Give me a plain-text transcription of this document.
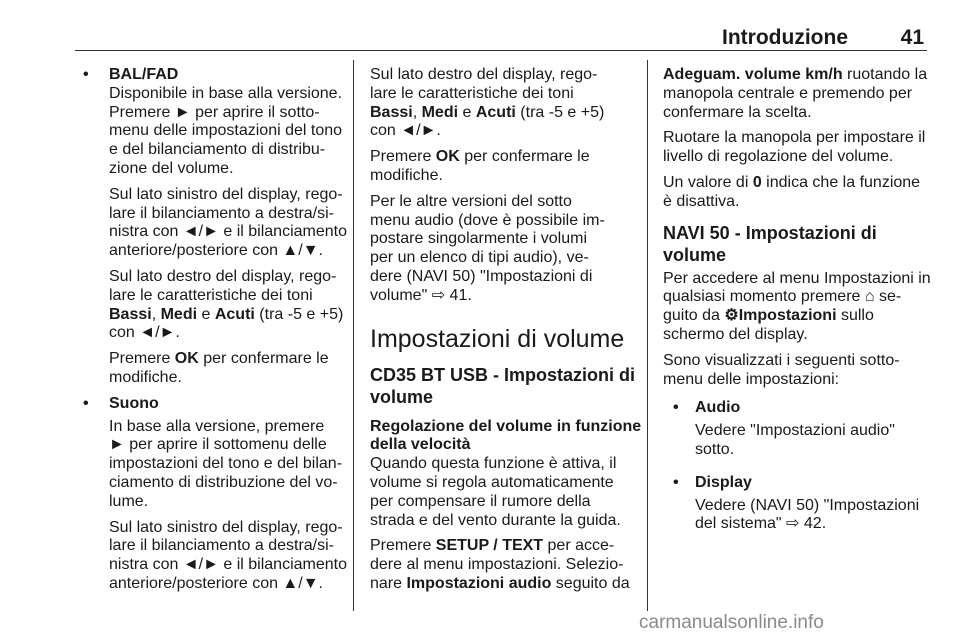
Introduzione	41
• BAL/FAD

Disponibile in base alla versione.
Premere ► per aprire il sotto-
menu delle impostazioni del tono
e del bilanciamento di distribu-
zione del volume.

Sul lato sinistro del display, rego-
lare il bilanciamento a destra/si-
nistra con ◄/► e il bilanciamento
anteriore/posteriore con ▲/▼.

Sul lato destro del display, rego-
lare le caratteristiche dei toni
Bassi, Medi e Acuti (tra -5 e +5)
con ◄/►.

Premere OK per confermare le
modifiche.

• Suono

In base alla versione, premere
► per aprire il sottomenu delle
impostazioni del tono e del bilan-
ciamento di distribuzione del vo-
lume.

Sul lato sinistro del display, rego-
lare il bilanciamento a destra/si-
nistra con ◄/► e il bilanciamento
anteriore/posteriore con ▲/▼.

Sul lato destro del display, rego-
lare le caratteristiche dei toni
Bassi, Medi e Acuti (tra -5 e +5)
con ◄/►.

Premere OK per confermare le
modifiche.

Per le altre versioni del sotto
menu audio (dove è possibile im-
postare singolarmente i volumi
per un elenco di tipi audio), ve-
dere (NAVI 50) "Impostazioni di
volume" ⇨ 41.

Impostazioni di volume
CD35 BT USB - Impostazioni di
volume
Regolazione del volume in funzione
della velocità

Quando questa funzione è attiva, il
volume si regola automaticamente
per compensare il rumore della
strada e del vento durante la guida.

Premere SETUP / TEXT per acce-
dere al menu impostazioni. Selezio-
nare Impostazioni audio seguito da

Adeguam. volume km/h ruotando la
manopola centrale e premendo per
confermare la scelta.

Ruotare la manopola per impostare il
livello di regolazione del volume.

Un valore di 0 indica che la funzione
è disattiva.

NAVI 50 - Impostazioni di volume

Per accedere al menu Impostazioni in
qualsiasi momento premere ⌂ se-
guito da ⚙Impostazioni sullo
schermo del display.

Sono visualizzati i seguenti sotto-
menu delle impostazioni:

• Audio

Vedere "Impostazioni audio"
sotto.

• Display

Vedere (NAVI 50) "Impostazioni
del sistema" ⇨ 42.

carmanualsonline.info
